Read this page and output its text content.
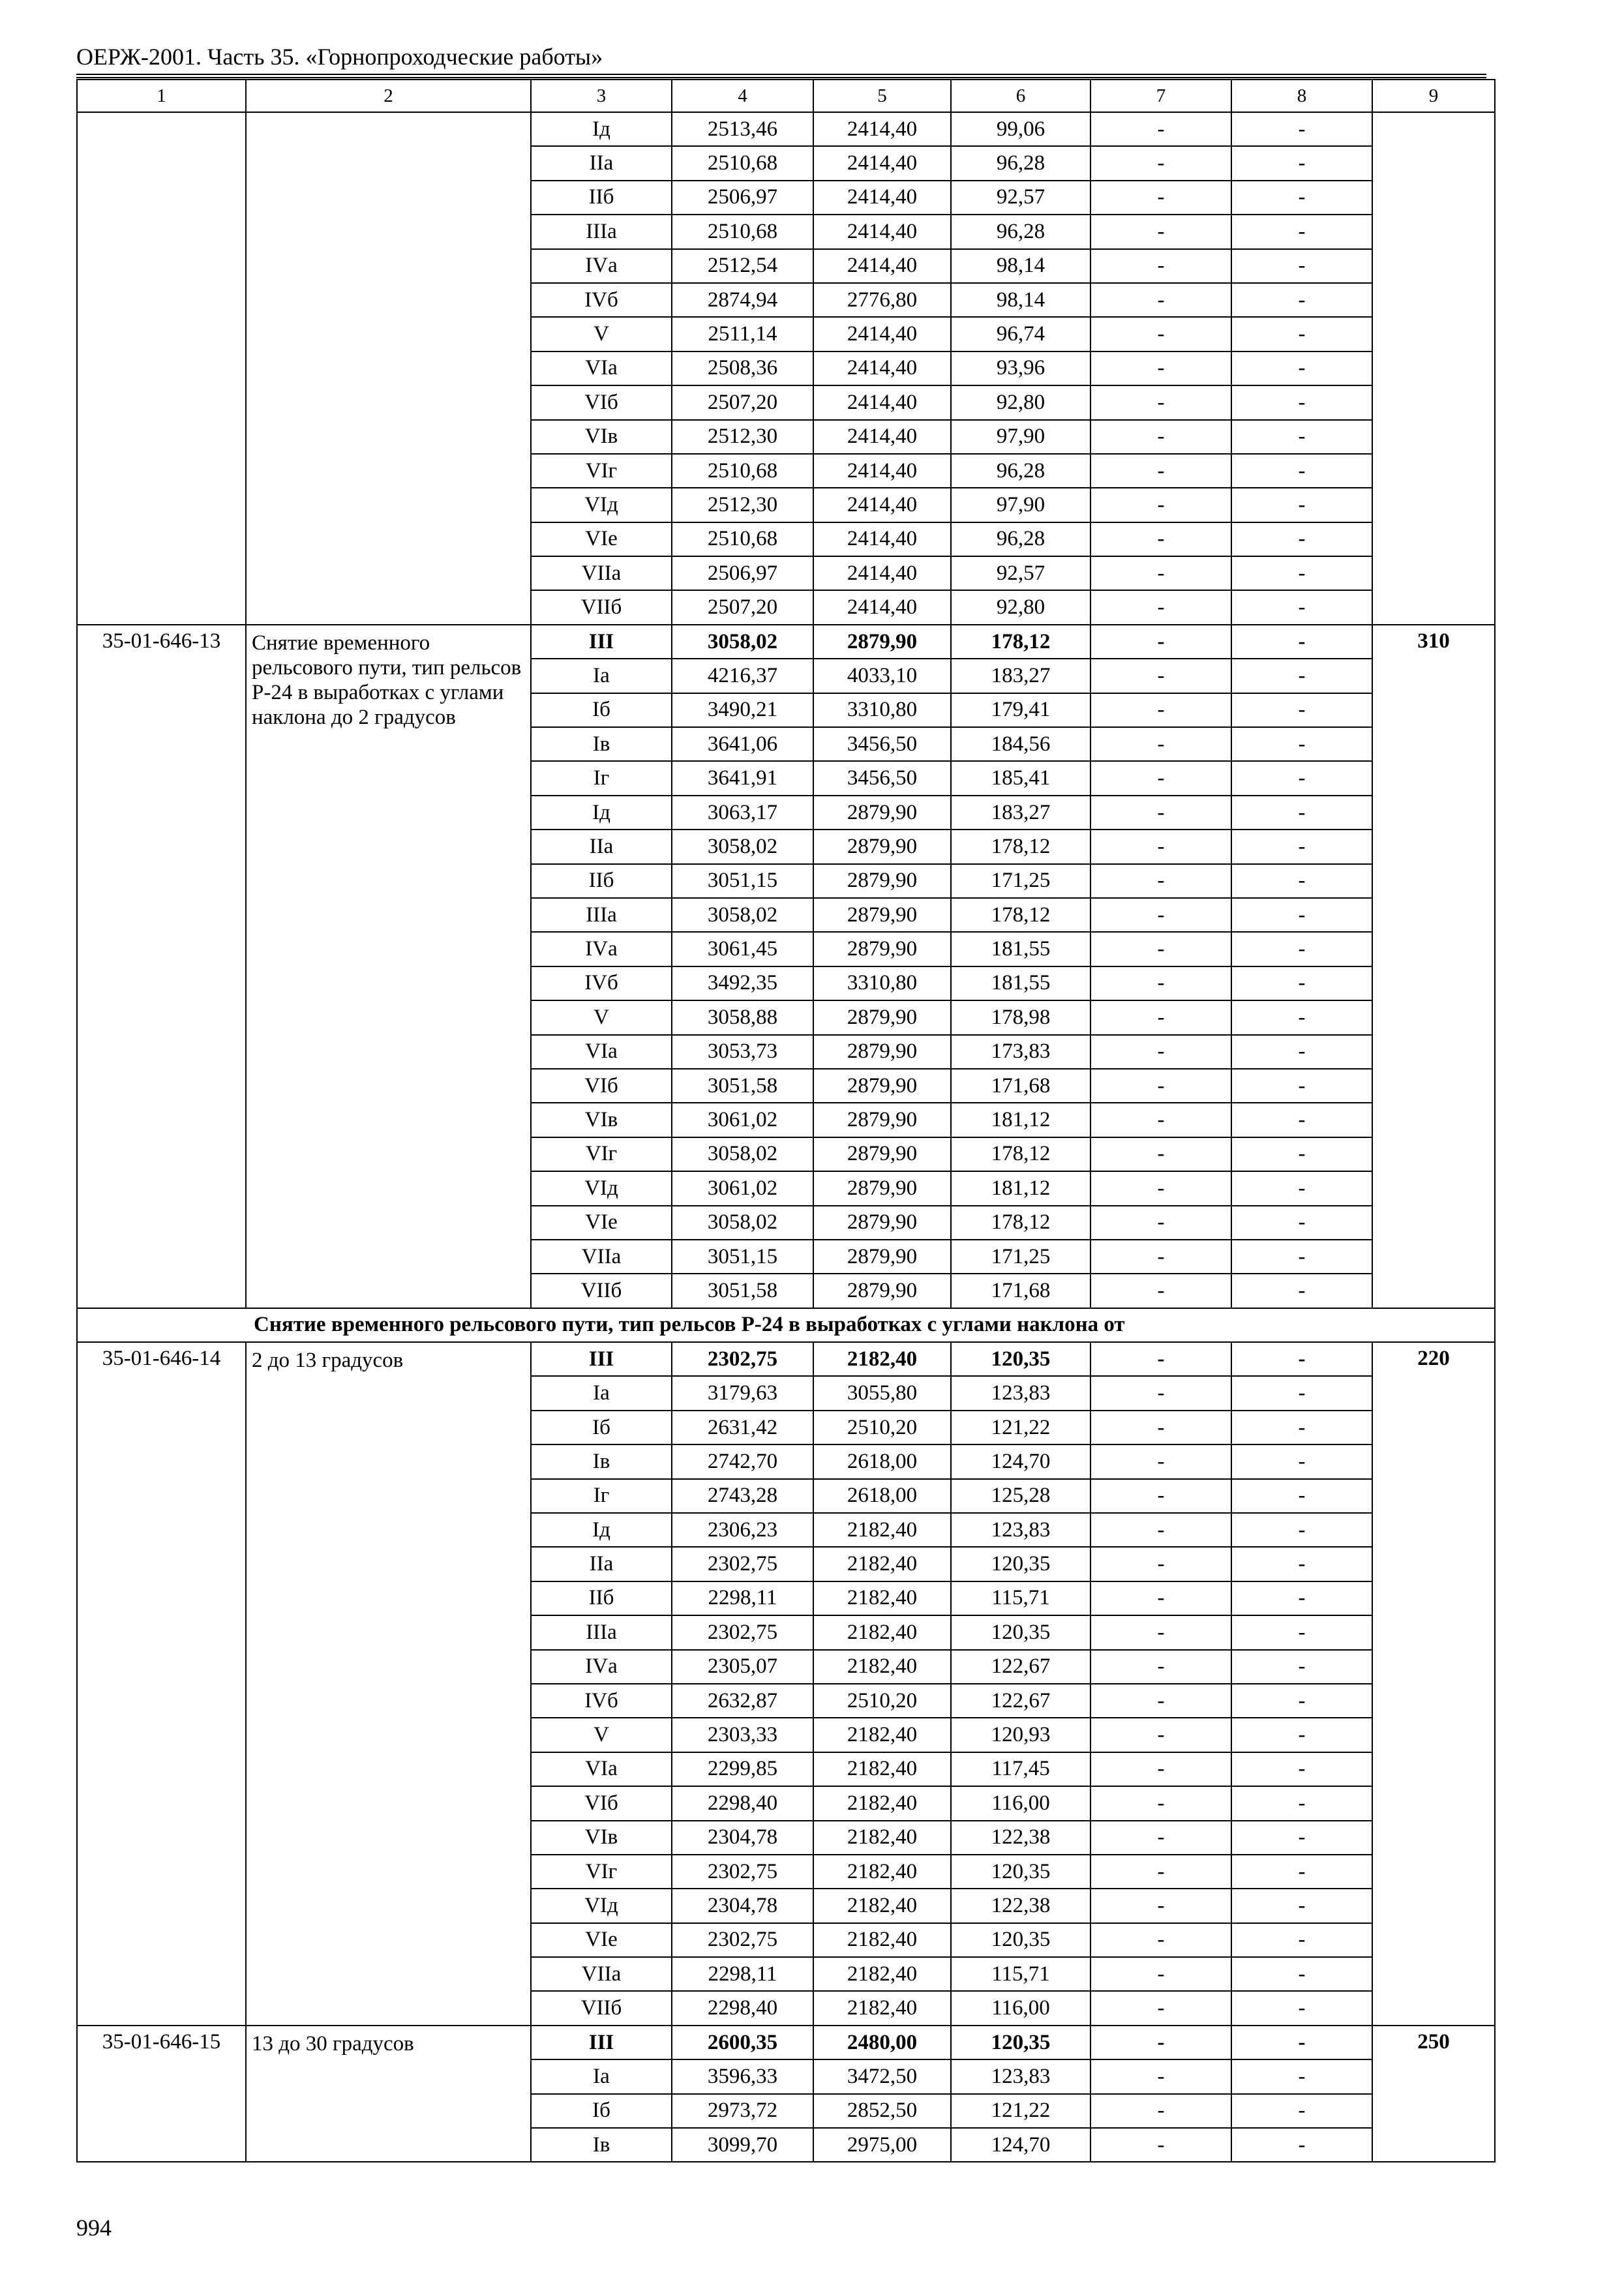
ОЕРЖ-2001. Часть 35. «Горнопроходческие работы»
1	2	3	4	5	6	7	8	9
		Iд	2513,46	2414,40	99,06	-	-	
		IIа	2510,68	2414,40	96,28	-	-	
		IIб	2506,97	2414,40	92,57	-	-	
		IIIа	2510,68	2414,40	96,28	-	-	
		IVа	2512,54	2414,40	98,14	-	-	
		IVб	2874,94	2776,80	98,14	-	-	
		V	2511,14	2414,40	96,74	-	-	
		VIа	2508,36	2414,40	93,96	-	-	
		VIб	2507,20	2414,40	92,80	-	-	
		VIв	2512,30	2414,40	97,90	-	-	
		VIг	2510,68	2414,40	96,28	-	-	
		VIд	2512,30	2414,40	97,90	-	-	
		VIе	2510,68	2414,40	96,28	-	-	
		VIIа	2506,97	2414,40	92,57	-	-	
		VIIб	2507,20	2414,40	92,80	-	-	
35-01-646-13	Снятие временного рельсового пути, тип рельсов Р-24 в выработках с углами наклона до 2 градусов	III	3058,02	2879,90	178,12	-	-	310
		Iа	4216,37	4033,10	183,27	-	-	
		Iб	3490,21	3310,80	179,41	-	-	
		Iв	3641,06	3456,50	184,56	-	-	
		Iг	3641,91	3456,50	185,41	-	-	
		Iд	3063,17	2879,90	183,27	-	-	
		IIа	3058,02	2879,90	178,12	-	-	
		IIб	3051,15	2879,90	171,25	-	-	
		IIIа	3058,02	2879,90	178,12	-	-	
		IVа	3061,45	2879,90	181,55	-	-	
		IVб	3492,35	3310,80	181,55	-	-	
		V	3058,88	2879,90	178,98	-	-	
		VIа	3053,73	2879,90	173,83	-	-	
		VIб	3051,58	2879,90	171,68	-	-	
		VIв	3061,02	2879,90	181,12	-	-	
		VIг	3058,02	2879,90	178,12	-	-	
		VIд	3061,02	2879,90	181,12	-	-	
		VIе	3058,02	2879,90	178,12	-	-	
		VIIа	3051,15	2879,90	171,25	-	-	
		VIIб	3051,58	2879,90	171,68	-	-	
Снятие временного рельсового пути, тип рельсов Р-24 в выработках с углами наклона от								
35-01-646-14	2 до 13 градусов	III	2302,75	2182,40	120,35	-	-	220
		Iа	3179,63	3055,80	123,83	-	-	
		Iб	2631,42	2510,20	121,22	-	-	
		Iв	2742,70	2618,00	124,70	-	-	
		Iг	2743,28	2618,00	125,28	-	-	
		Iд	2306,23	2182,40	123,83	-	-	
		IIа	2302,75	2182,40	120,35	-	-	
		IIб	2298,11	2182,40	115,71	-	-	
		IIIа	2302,75	2182,40	120,35	-	-	
		IVа	2305,07	2182,40	122,67	-	-	
		IVб	2632,87	2510,20	122,67	-	-	
		V	2303,33	2182,40	120,93	-	-	
		VIа	2299,85	2182,40	117,45	-	-	
		VIб	2298,40	2182,40	116,00	-	-	
		VIв	2304,78	2182,40	122,38	-	-	
		VIг	2302,75	2182,40	120,35	-	-	
		VIд	2304,78	2182,40	122,38	-	-	
		VIе	2302,75	2182,40	120,35	-	-	
		VIIа	2298,11	2182,40	115,71	-	-	
		VIIб	2298,40	2182,40	116,00	-	-	
35-01-646-15	13 до 30 градусов	III	2600,35	2480,00	120,35	-	-	250
		Iа	3596,33	3472,50	123,83	-	-	
		Iб	2973,72	2852,50	121,22	-	-	
		Iв	3099,70	2975,00	124,70	-	-	
994
